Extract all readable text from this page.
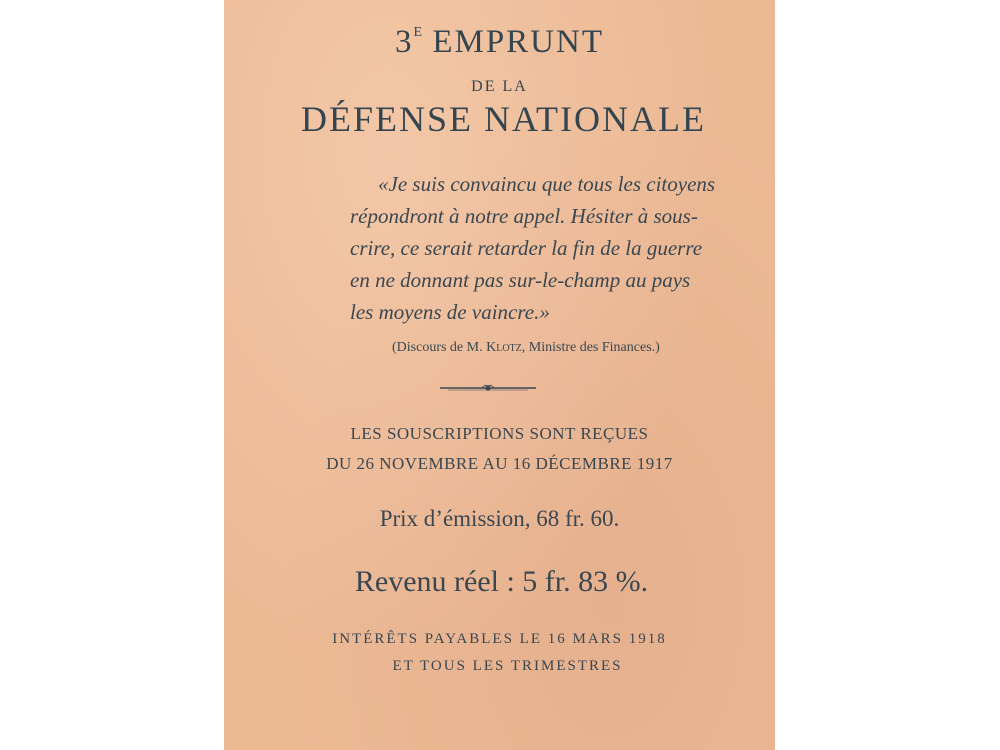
$3^E$ EMPRUNT
DE LA
DÉFENSE NATIONALE
«Je suis convaincu que tous les citoyens
répondront à notre appel. Hésiter à sous-
crire, ce serait retarder la fin de la guerre
en ne donnant pas sur-le-champ au pays
les moyens de vaincre.»
(Discours de M. Klotz, Ministre des Finances.)
LES SOUSCRIPTIONS SONT REÇUES
DU 26 NOVEMBRE AU 16 DÉCEMBRE 1917
Prix d’émission, 68 fr. 60.
Revenu réel : 5 fr. 83 %.
INTÉRÊTS PAYABLES LE 16 MARS 1918
ET TOUS LES TRIMESTRES
